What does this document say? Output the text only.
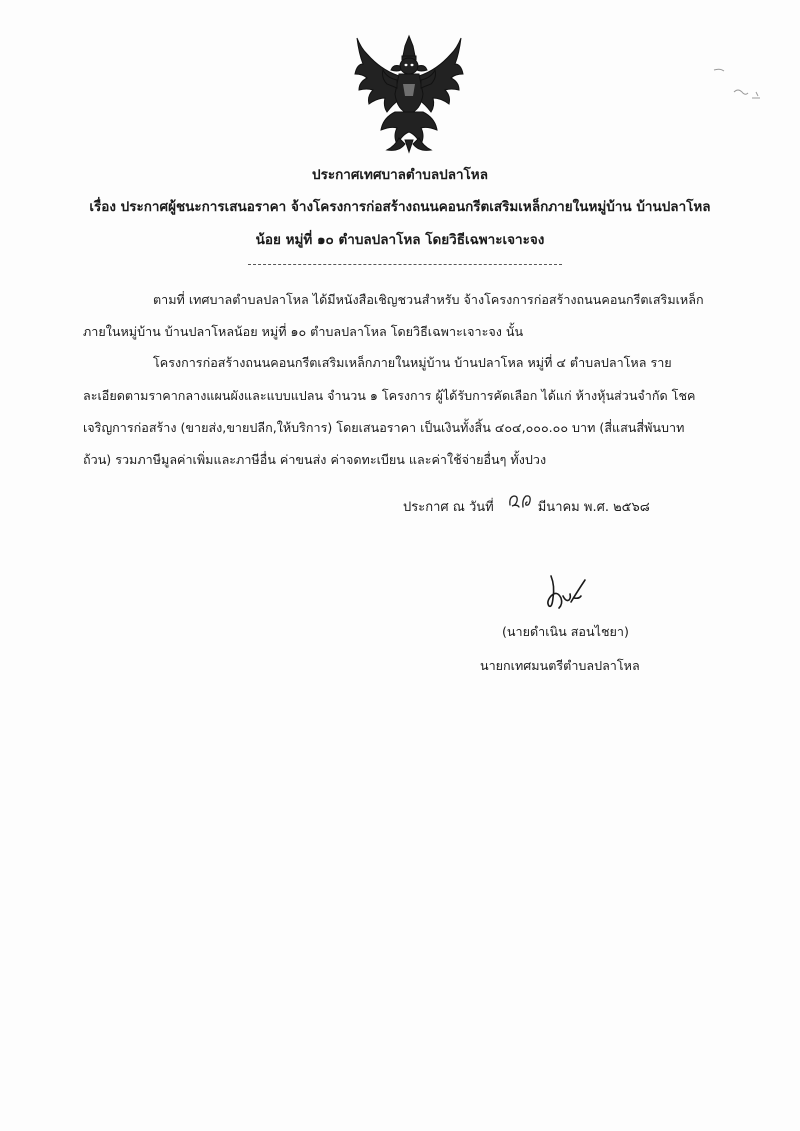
ประกาศเทศบาลตำบลปลาโหล
เรื่อง ประกาศผู้ชนะการเสนอราคา จ้างโครงการก่อสร้างถนนคอนกรีตเสริมเหล็กภายในหมู่บ้าน บ้านปลาโหล
น้อย หมู่ที่ ๑๐ ตำบลปลาโหล โดยวิธีเฉพาะเจาะจง
ตามที่ เทศบาลตำบลปลาโหล ได้มีหนังสือเชิญชวนสำหรับ จ้างโครงการก่อสร้างถนนคอนกรีตเสริมเหล็ก
ภายในหมู่บ้าน บ้านปลาโหลน้อย หมู่ที่ ๑๐ ตำบลปลาโหล โดยวิธีเฉพาะเจาะจง นั้น
โครงการก่อสร้างถนนคอนกรีตเสริมเหล็กภายในหมู่บ้าน บ้านปลาโหล หมู่ที่ ๔ ตำบลปลาโหล ราย
ละเอียดตามราคากลางแผนผังและแบบแปลน จำนวน ๑ โครงการ ผู้ได้รับการคัดเลือก ได้แก่ ห้างหุ้นส่วนจำกัด โชค
เจริญการก่อสร้าง (ขายส่ง,ขายปลีก,ให้บริการ) โดยเสนอราคา เป็นเงินทั้งสิ้น ๔๐๔,๐๐๐.๐๐ บาท (สี่แสนสี่พันบาท
ถ้วน) รวมภาษีมูลค่าเพิ่มและภาษีอื่น ค่าขนส่ง ค่าจดทะเบียน และค่าใช้จ่ายอื่นๆ ทั้งปวง
ประกาศ ณ วันที่	มีนาคม พ.ศ. ๒๕๖๘
(นายดำเนิน สอนไชยา)
นายกเทศมนตรีตำบลปลาโหล
